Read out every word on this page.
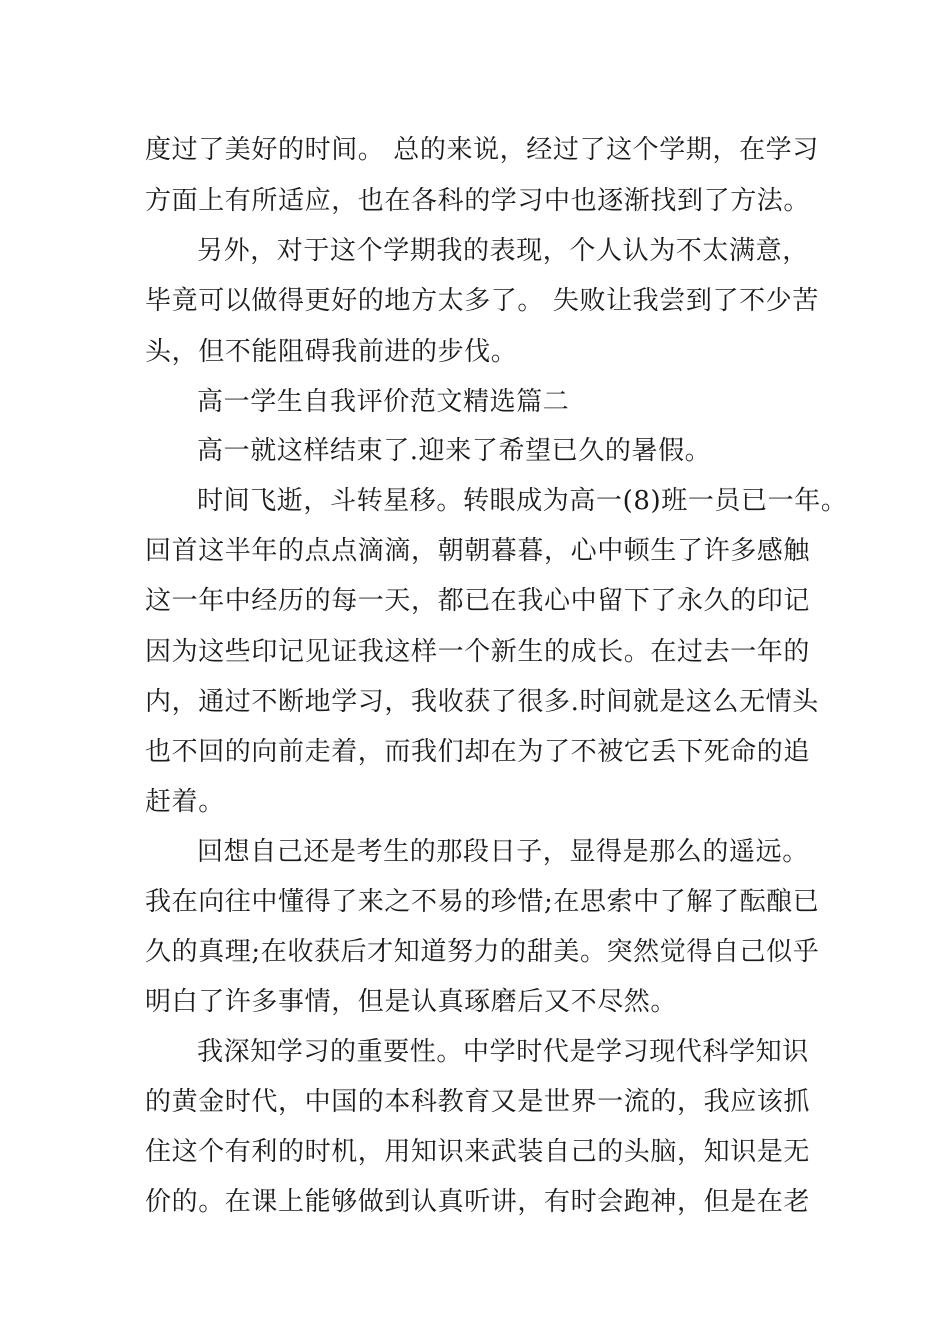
度过了美好的时间。 总的来说，经过了这个学期，在学习
方面上有所适应，也在各科的学习中也逐渐找到了方法。
另外，对于这个学期我的表现，个人认为不太满意，
毕竟可以做得更好的地方太多了。 失败让我尝到了不少苦
头，但不能阻碍我前进的步伐。
高一学生自我评价范文精选篇二
高一就这样结束了.迎来了希望已久的暑假。
时间飞逝，斗转星移。转眼成为高一(8)班一员已一年。
回首这半年的点点滴滴，朝朝暮暮，心中顿生了许多感触
这一年中经历的每一天，都已在我心中留下了永久的印记
因为这些印记见证我这样一个新生的成长。在过去一年的
内，通过不断地学习，我收获了很多.时间就是这么无情头
也不回的向前走着，而我们却在为了不被它丢下死命的追
赶着。
回想自己还是考生的那段日子，显得是那么的遥远。
我在向往中懂得了来之不易的珍惜;在思索中了解了酝酿已
久的真理;在收获后才知道努力的甜美。突然觉得自己似乎
明白了许多事情，但是认真琢磨后又不尽然。
我深知学习的重要性。中学时代是学习现代科学知识
的黄金时代，中国的本科教育又是世界一流的，我应该抓
住这个有利的时机，用知识来武装自己的头脑，知识是无
价的。在课上能够做到认真听讲，有时会跑神，但是在老
